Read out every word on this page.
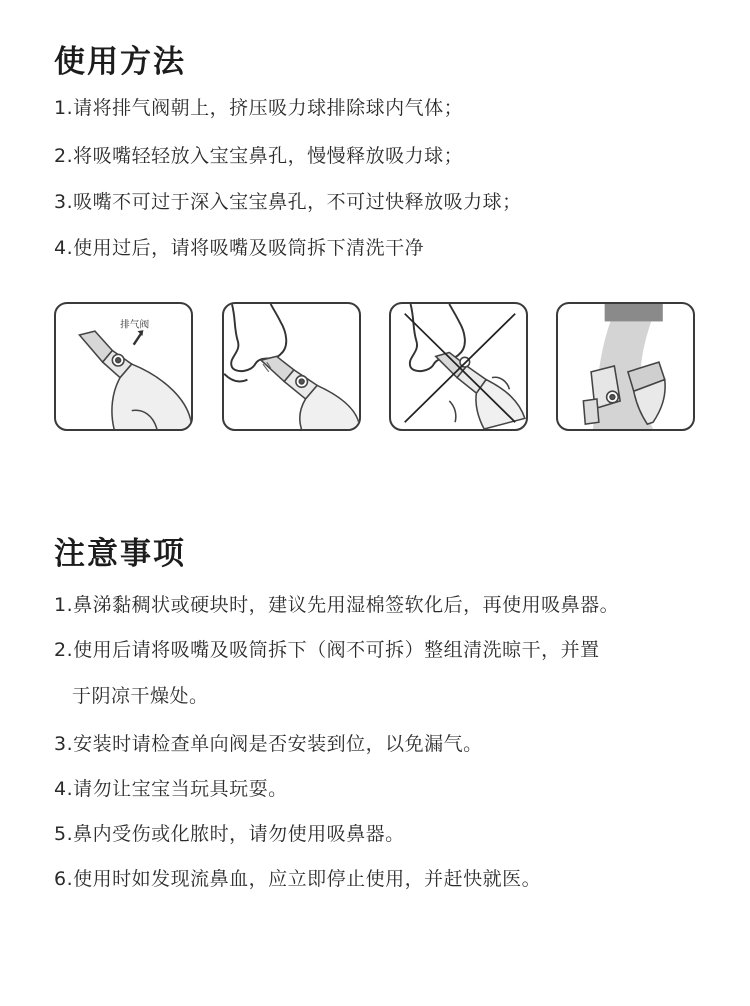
使用方法
1.请将排气阀朝上，挤压吸力球排除球内气体；
2.将吸嘴轻轻放入宝宝鼻孔，慢慢释放吸力球；
3.吸嘴不可过于深入宝宝鼻孔，不可过快释放吸力球；
4.使用过后，请将吸嘴及吸筒拆下清洗干净
排气阀
注意事项
1.鼻涕黏稠状或硬块时，建议先用湿棉签软化后，再使用吸鼻器。
2.使用后请将吸嘴及吸筒拆下（阀不可拆）整组清洗晾干，并置
于阴凉干燥处。
3.安装时请检查单向阀是否安装到位，以免漏气。
4.请勿让宝宝当玩具玩耍。
5.鼻内受伤或化脓时，请勿使用吸鼻器。
6.使用时如发现流鼻血，应立即停止使用，并赶快就医。
